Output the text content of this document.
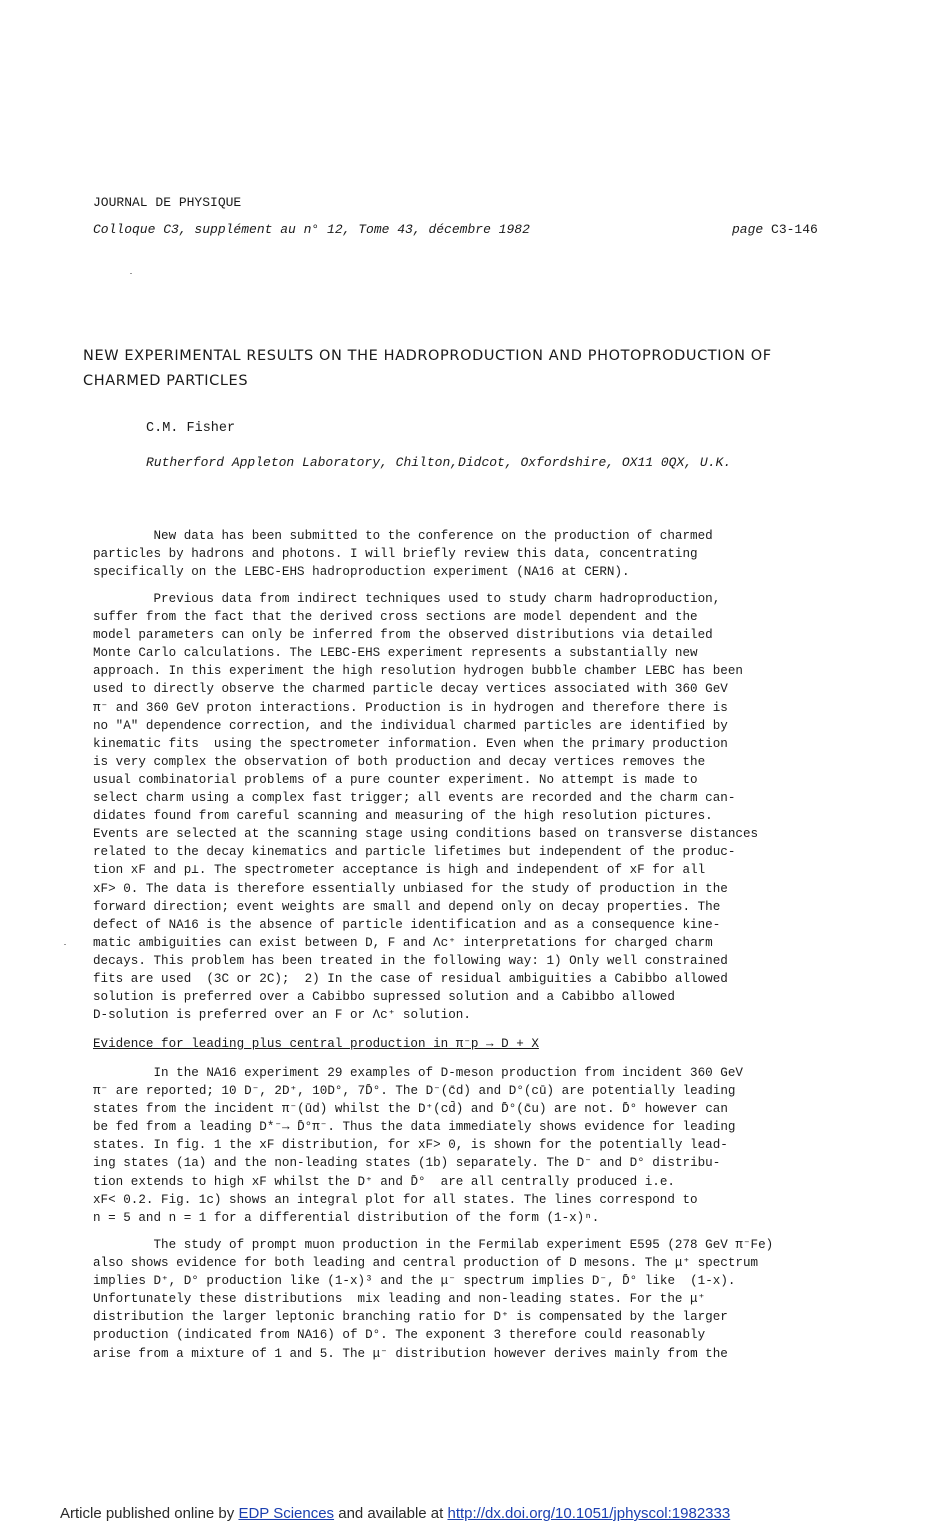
JOURNAL DE PHYSIQUE
Colloque C3, supplément au n° 12, Tome 43, décembre 1982	page C3-146
NEW EXPERIMENTAL RESULTS ON THE HADROPRODUCTION AND PHOTOPRODUCTION OF
CHARMED PARTICLES
C.M. Fisher
Rutherford Appleton Laboratory, Chilton,Didcot, Oxfordshire, OX11 0QX, U.K.

New data has been submitted to the conference on the production of charmed

particles by hadrons and photons. I will briefly review this data, concentrating

specifically on the LEBC-EHS hadroproduction experiment (NA16 at CERN).

Previous data from indirect techniques used to study charm hadroproduction,

suffer from the fact that the derived cross sections are model dependent and the

model parameters can only be inferred from the observed distributions via detailed

Monte Carlo calculations. The LEBC-EHS experiment represents a substantially new

approach. In this experiment the high resolution hydrogen bubble chamber LEBC has been

used to directly observe the charmed particle decay vertices associated with 360 GeV

π⁻ and 360 GeV proton interactions. Production is in hydrogen and therefore there is

no "A" dependence correction, and the individual charmed particles are identified by

kinematic fits  using the spectrometer information. Even when the primary production

is very complex the observation of both production and decay vertices removes the

usual combinatorial problems of a pure counter experiment. No attempt is made to

select charm using a complex fast trigger; all events are recorded and the charm can-

didates found from careful scanning and measuring of the high resolution pictures.

Events are selected at the scanning stage using conditions based on transverse distances

related to the decay kinematics and particle lifetimes but independent of the produc-

tion xF and p⊥. The spectrometer acceptance is high and independent of xF for all

xF> 0. The data is therefore essentially unbiased for the study of production in the

forward direction; event weights are small and depend only on decay properties. The

defect of NA16 is the absence of particle identification and as a consequence kine-

matic ambiguities can exist between D, F and Λc⁺ interpretations for charged charm

decays. This problem has been treated in the following way: 1) Only well constrained

fits are used  (3C or 2C);  2) In the case of residual ambiguities a Cabibbo allowed

solution is preferred over a Cabibbo supressed solution and a Cabibbo allowed

D-solution is preferred over an F or Λc⁺ solution.

Evidence for leading plus central production in π⁻p → D + X

In the NA16 experiment 29 examples of D-meson production from incident 360 GeV

π⁻ are reported; 10 D⁻, 2D⁺, 10D°, 7D̄°. The D⁻(c̄d) and D°(cū) are potentially leading

states from the incident π⁻(ūd) whilst the D⁺(cd̄) and D̄°(c̄u) are not. D̄° however can

be fed from a leading D*⁻→ D̄°π⁻. Thus the data immediately shows evidence for leading

states. In fig. 1 the xF distribution, for xF> 0, is shown for the potentially lead-

ing states (1a) and the non-leading states (1b) separately. The D⁻ and D° distribu-

tion extends to high xF whilst the D⁺ and D̄°  are all centrally produced i.e.

xF< 0.2. Fig. 1c) shows an integral plot for all states. The lines correspond to

n = 5 and n = 1 for a differential distribution of the form (1-x)ⁿ.

The study of prompt muon production in the Fermilab experiment E595 (278 GeV π⁻Fe)

also shows evidence for both leading and central production of D mesons. The μ⁺ spectrum

implies D⁺, D° production like (1-x)³ and the μ⁻ spectrum implies D⁻, D̄° like  (1-x).

Unfortunately these distributions  mix leading and non-leading states. For the μ⁺

distribution the larger leptonic branching ratio for D⁺ is compensated by the larger

production (indicated from NA16) of D°. The exponent 3 therefore could reasonably

arise from a mixture of 1 and 5. The μ⁻ distribution however derives mainly from the

Article published online by EDP Sciences and available at http://dx.doi.org/10.1051/jphyscol:1982333
